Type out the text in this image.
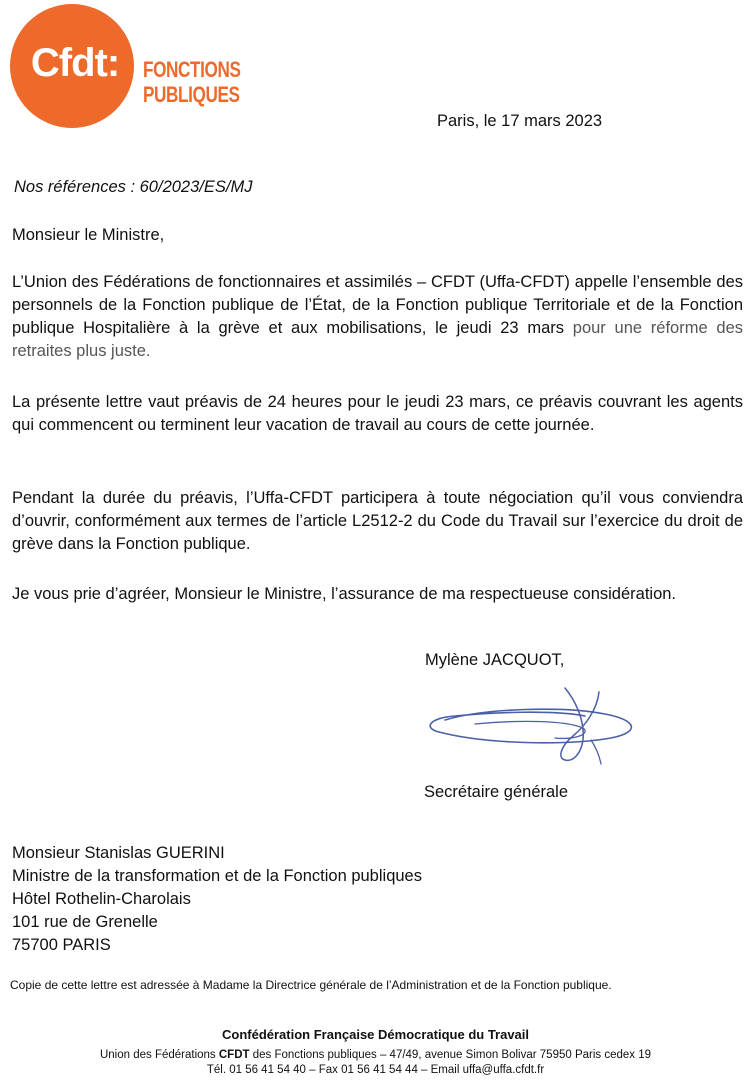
Cfdt:	FONCTIONS
PUBLIQUES
Paris, le 17 mars 2023
Nos références : 60/2023/ES/MJ
Monsieur le Ministre,
L’Union des Fédérations de fonctionnaires et assimilés – CFDT (Uffa-CFDT) appelle l’ensemble des personnels de la Fonction publique de l’État, de la Fonction publique Territoriale et de la Fonction publique Hospitalière à la grève et aux mobilisations, le jeudi 23 mars pour une réforme des retraites plus juste.
La présente lettre vaut préavis de 24 heures pour le jeudi 23 mars, ce préavis couvrant les agents qui commencent ou terminent leur vacation de travail au cours de cette journée.
Pendant la durée du préavis, l’Uffa-CFDT participera à toute négociation qu’il vous conviendra d’ouvrir, conformément aux termes de l’article L2512-2 du Code du Travail sur l’exercice du droit de grève dans la Fonction publique.
Je vous prie d’agréer, Monsieur le Ministre, l’assurance de ma respectueuse considération.
Mylène JACQUOT,
Secrétaire générale
Monsieur Stanislas GUERINI
Ministre de la transformation et de la Fonction publiques
Hôtel Rothelin-Charolais
101 rue de Grenelle
75700 PARIS
Copie de cette lettre est adressée à Madame la Directrice générale de l’Administration et de la Fonction publique.
Confédération Française Démocratique du Travail
Union des Fédérations CFDT des Fonctions publiques – 47/49, avenue Simon Bolivar 75950 Paris cedex 19
Tél. 01 56 41 54 40 – Fax 01 56 41 54 44 – Email uffa@uffa.cfdt.fr
